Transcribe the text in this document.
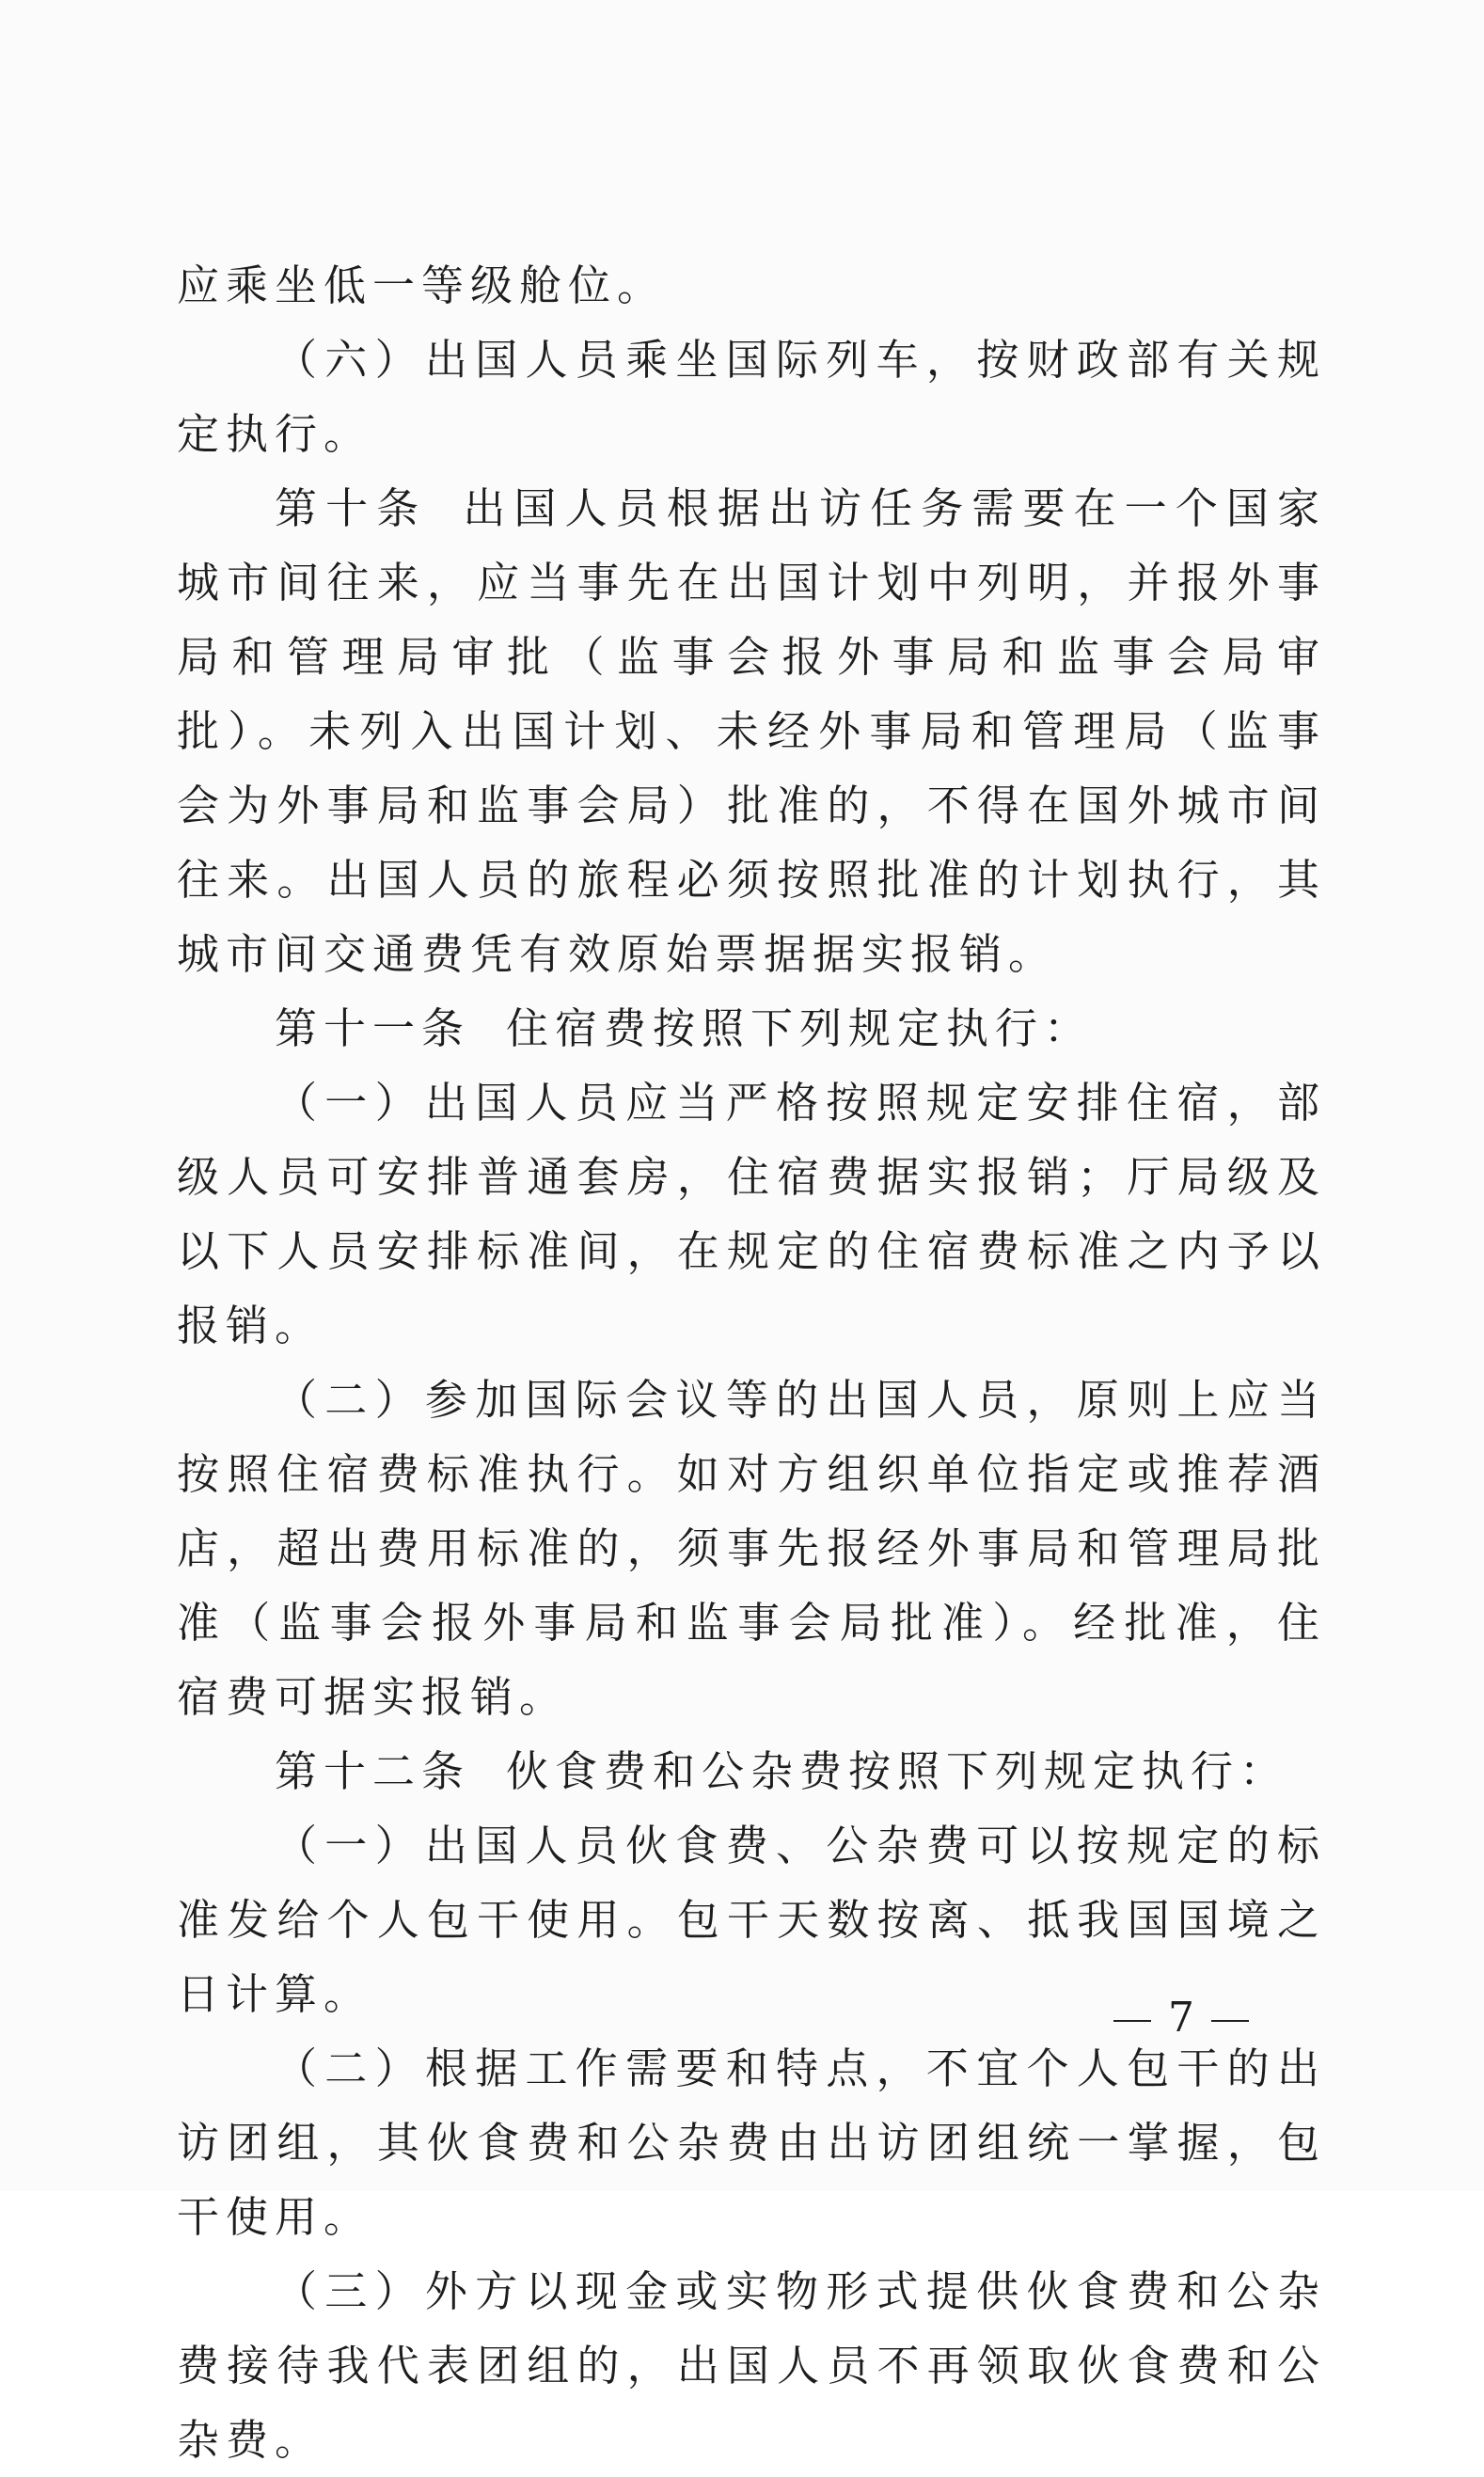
应乘坐低一等级舱位。

（六）出国人员乘坐国际列车，按财政部有关规定执行。

第十条 出国人员根据出访任务需要在一个国家城市间往来，应当事先在出国计划中列明，并报外事局和管理局审批（监事会报外事局和监事会局审批）。未列入出国计划、未经外事局和管理局（监事会为外事局和监事会局）批准的，不得在国外城市间往来。出国人员的旅程必须按照批准的计划执行，其城市间交通费凭有效原始票据据实报销。

第十一条 住宿费按照下列规定执行：

（一）出国人员应当严格按照规定安排住宿，部级人员可安排普通套房，住宿费据实报销；厅局级及以下人员安排标准间，在规定的住宿费标准之内予以报销。

（二）参加国际会议等的出国人员，原则上应当按照住宿费标准执行。如对方组织单位指定或推荐酒店，超出费用标准的，须事先报经外事局和管理局批准（监事会报外事局和监事会局批准）。经批准，住宿费可据实报销。

第十二条 伙食费和公杂费按照下列规定执行：

（一）出国人员伙食费、公杂费可以按规定的标准发给个人包干使用。包干天数按离、抵我国国境之日计算。

（二）根据工作需要和特点，不宜个人包干的出访团组，其伙食费和公杂费由出访团组统一掌握，包干使用。

（三）外方以现金或实物形式提供伙食费和公杂费接待我代表团组的，出国人员不再领取伙食费和公杂费。

7
